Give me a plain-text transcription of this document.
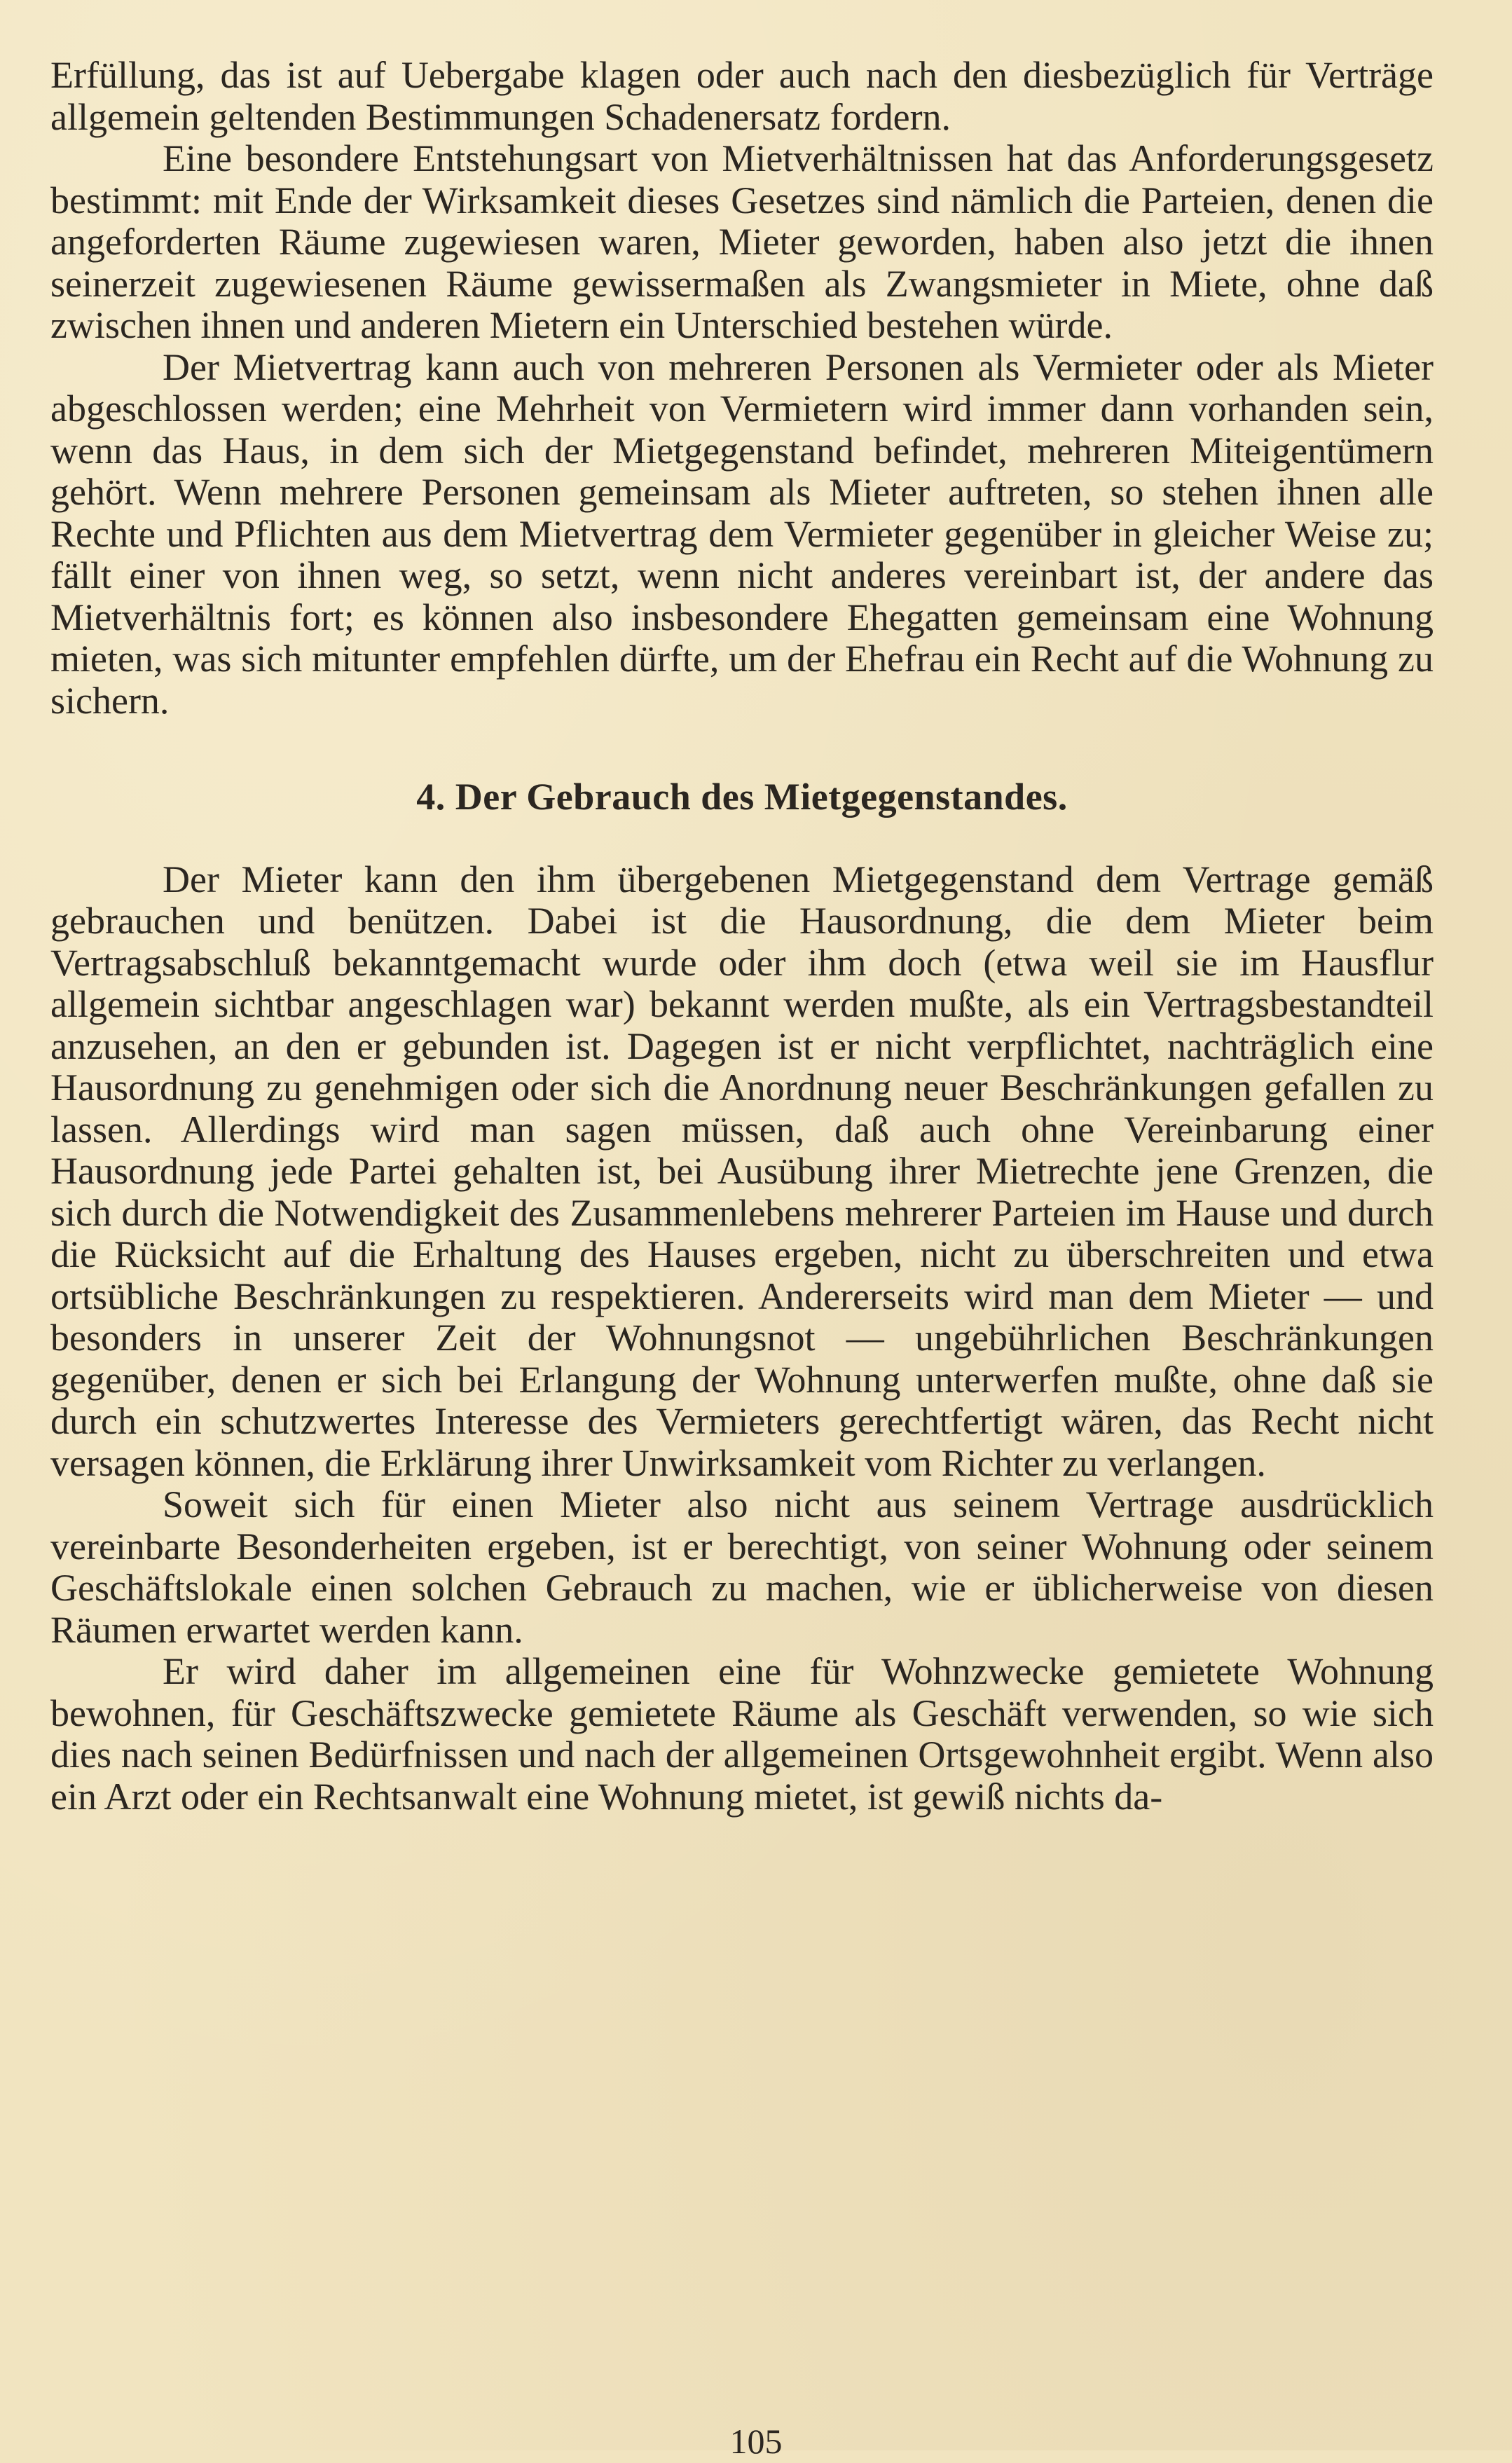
Erfüllung, das ist auf Uebergabe klagen oder auch nach den diesbezüglich für Verträge allgemein geltenden Bestimmungen Schadenersatz fordern.

Eine besondere Entstehungsart von Mietverhältnissen hat das Anforderungsgesetz bestimmt: mit Ende der Wirksamkeit dieses Gesetzes sind nämlich die Parteien, denen die angeforderten Räume zugewiesen waren, Mieter geworden, haben also jetzt die ihnen seinerzeit zugewiesenen Räume gewissermaßen als Zwangsmieter in Miete, ohne daß zwischen ihnen und anderen Mietern ein Unterschied bestehen würde.

Der Mietvertrag kann auch von mehreren Personen als Vermieter oder als Mieter abgeschlossen werden; eine Mehrheit von Vermietern wird immer dann vorhanden sein, wenn das Haus, in dem sich der Mietgegenstand befindet, mehreren Miteigentümern gehört. Wenn mehrere Personen gemeinsam als Mieter auftreten, so stehen ihnen alle Rechte und Pflichten aus dem Mietvertrag dem Vermieter gegenüber in gleicher Weise zu; fällt einer von ihnen weg, so setzt, wenn nicht anderes vereinbart ist, der andere das Mietverhältnis fort; es können also insbesondere Ehegatten gemeinsam eine Wohnung mieten, was sich mitunter empfehlen dürfte, um der Ehefrau ein Recht auf die Wohnung zu sichern.

4. Der Gebrauch des Mietgegenstandes.

Der Mieter kann den ihm übergebenen Mietgegenstand dem Vertrage gemäß gebrauchen und benützen. Dabei ist die Hausordnung, die dem Mieter beim Vertragsabschluß bekanntgemacht wurde oder ihm doch (etwa weil sie im Hausflur allgemein sichtbar angeschlagen war) bekannt werden mußte, als ein Vertragsbestandteil anzusehen, an den er gebunden ist. Dagegen ist er nicht verpflichtet, nachträglich eine Hausordnung zu genehmigen oder sich die Anordnung neuer Beschränkungen gefallen zu lassen. Allerdings wird man sagen müssen, daß auch ohne Vereinbarung einer Hausordnung jede Partei gehalten ist, bei Ausübung ihrer Mietrechte jene Grenzen, die sich durch die Notwendigkeit des Zusammenlebens mehrerer Parteien im Hause und durch die Rücksicht auf die Erhaltung des Hauses ergeben, nicht zu überschreiten und etwa ortsübliche Beschränkungen zu respektieren. Andererseits wird man dem Mieter — und besonders in unserer Zeit der Wohnungsnot — ungebührlichen Beschränkungen gegenüber, denen er sich bei Erlangung der Wohnung unterwerfen mußte, ohne daß sie durch ein schutzwertes Interesse des Vermieters gerechtfertigt wären, das Recht nicht versagen können, die Erklärung ihrer Unwirksamkeit vom Richter zu verlangen.

Soweit sich für einen Mieter also nicht aus seinem Vertrage ausdrücklich vereinbarte Besonderheiten ergeben, ist er berechtigt, von seiner Wohnung oder seinem Geschäftslokale einen solchen Gebrauch zu machen, wie er üblicherweise von diesen Räumen erwartet werden kann.

Er wird daher im allgemeinen eine für Wohnzwecke gemietete Wohnung bewohnen, für Geschäftszwecke gemietete Räume als Geschäft verwenden, so wie sich dies nach seinen Bedürfnissen und nach der allgemeinen Ortsgewohnheit ergibt. Wenn also ein Arzt oder ein Rechtsanwalt eine Wohnung mietet, ist gewiß nichts da-

105
